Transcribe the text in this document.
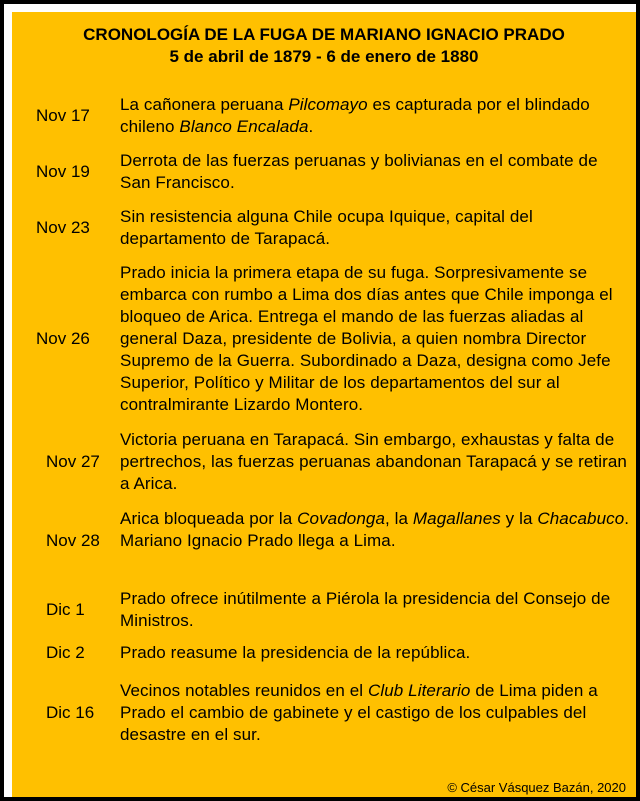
CRONOLOGÍA DE LA FUGA DE MARIANO IGNACIO PRADO
5 de abril de 1879 - 6 de enero de 1880
Nov 17
La cañonera peruana Pilcomayo es capturada por el blindado chileno Blanco Encalada.
Nov 19
Derrota de las fuerzas peruanas y bolivianas en el combate de San Francisco.
Nov 23
Sin resistencia alguna Chile ocupa Iquique, capital del departamento de Tarapacá.
Nov 26
Prado inicia la primera etapa de su fuga. Sorpresivamente se embarca con rumbo a Lima dos días antes que Chile imponga el bloqueo de Arica. Entrega el mando de las fuerzas aliadas al general Daza, presidente de Bolivia, a quien nombra Director Supremo de la Guerra. Subordinado a Daza, designa como Jefe Superior, Político y Militar de los departamentos del sur al contralmirante Lizardo Montero.
Nov 27
Victoria peruana en Tarapacá. Sin embargo, exhaustas y falta de pertrechos, las fuerzas peruanas abandonan Tarapacá y se retiran a Arica.
Nov 28
Arica bloqueada por la Covadonga, la Magallanes y la Chacabuco.
Mariano Ignacio Prado llega a Lima.
Dic 1
Prado ofrece inútilmente a Piérola la presidencia del Consejo de Ministros.
Dic 2 Prado reasume la presidencia de la república.
Dic 16
Vecinos notables reunidos en el Club Literario de Lima piden a Prado el cambio de gabinete y el castigo de los culpables del desastre en el sur.
© César Vásquez Bazán, 2020
